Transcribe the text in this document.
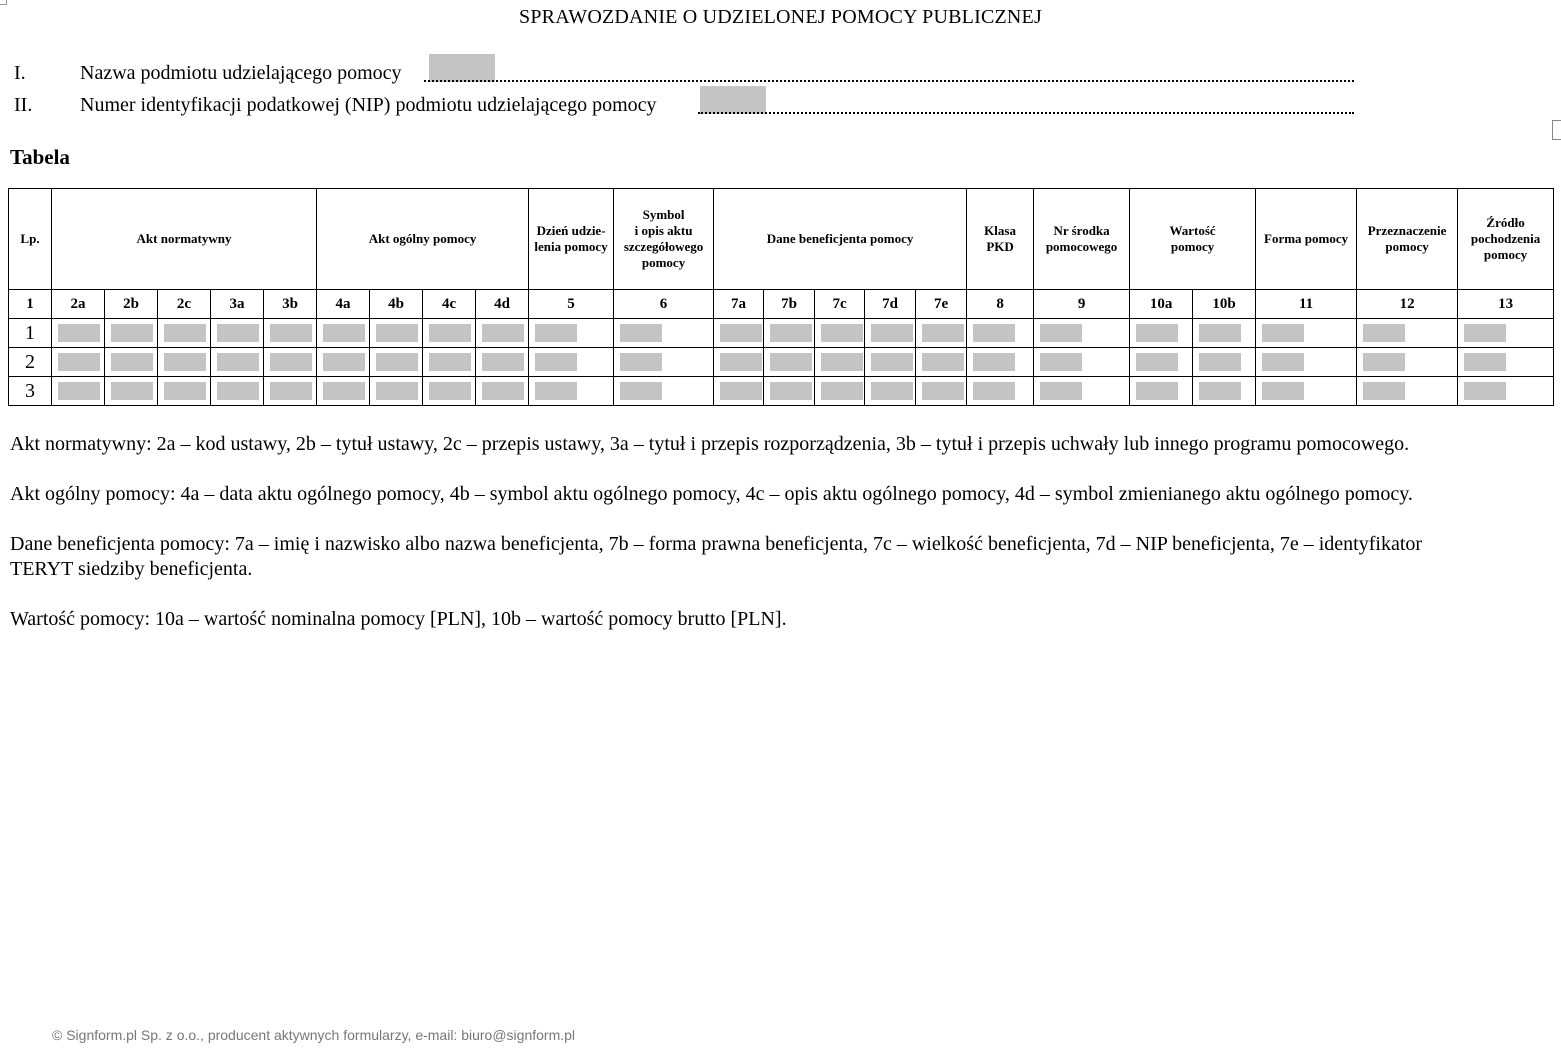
SPRAWOZDANIE O UDZIELONEJ POMOCY PUBLICZNEJ
I.	Nazwa podmiotu udzielającego pomocy
II. Numer identyfikacji podatkowej (NIP) podmiotu udzielającego pomocy
Tabela
Lp.	Akt normatywny					Akt ogólny pomocy				Dzień udzie-
lenia pomocy	Symbol
i opis aktu
szczegółowego
pomocy	Dane beneficjenta pomocy					Klasa
PKD	Nr środka
pomocowego	Wartość
pomocy		Forma pomocy	Przeznaczenie
pomocy	Źródło
pochodzenia
pomocy

1	2a	2b	2c	3a	3b	4a	4b	4c	4d	5	6	7a	7b	7c	7d	7e	8	9	10a	10b	11	12	13
1	

2	

3	

Akt normatywny: 2a – kod ustawy, 2b – tytuł ustawy, 2c – przepis ustawy, 3a – tytuł i przepis rozporządzenia, 3b – tytuł i przepis uchwały lub innego programu pomocowego.

Akt ogólny pomocy: 4a – data aktu ogólnego pomocy, 4b – symbol aktu ogólnego pomocy, 4c – opis aktu ogólnego pomocy, 4d – symbol zmienianego aktu ogólnego pomocy.

Dane beneficjenta pomocy: 7a – imię i nazwisko albo nazwa beneficjenta, 7b – forma prawna beneficjenta, 7c – wielkość beneficjenta, 7d – NIP beneficjenta, 7e – identyfikator TERYT siedziby beneficjenta.

Wartość pomocy: 10a – wartość nominalna pomocy [PLN], 10b – wartość pomocy brutto [PLN].

© Signform.pl Sp. z o.o., producent aktywnych formularzy, e-mail: biuro@signform.pl
